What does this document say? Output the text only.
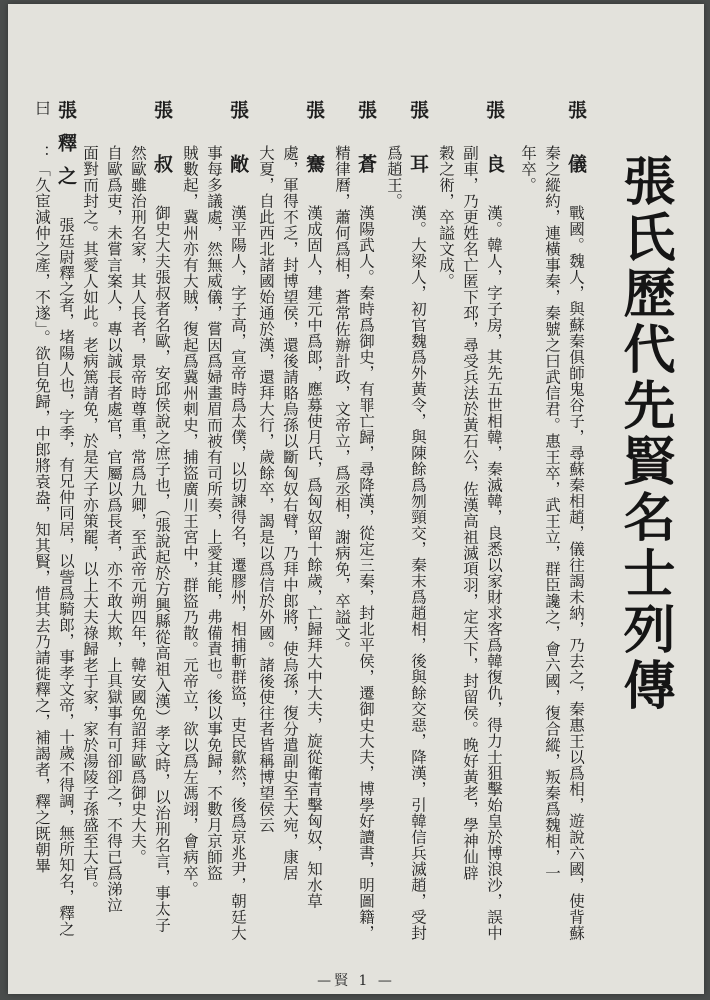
張氏歷代先賢名士列傳
張 儀戰國。魏人，與蘇秦俱師鬼谷子，尋蘇秦相趙，儀往謁未納，乃去之，秦惠王以爲相，遊說六國，使背蘇
秦之縱約，連橫事秦，秦號之曰武信君。惠王卒，武王立，群臣讒之，會六國，復合縱，叛秦爲魏相，一
年卒。
張 良漢。韓人，字子房，其先五世相韓，秦滅韓，良悉以家財求客爲韓復仇，得力士狙擊始皇於博浪沙，誤中
副車，乃更姓名亡匿下邳，尋受兵法於黃石公，佐漢高祖滅項羽，定天下，封留侯。晚好黃老，學神仙辟
穀之術，卒謚文成。
張 耳漢。大梁人，初官魏爲外黃令，與陳餘爲刎頸交，秦末爲趙相，後與餘交惡，降漢，引韓信兵滅趙，受封
爲趙王。
張 蒼漢陽武人。秦時爲御史，有罪亡歸，尋降漢，從定三秦，封北平侯，遷御史大夫，博學好讀書，明圖籍，
精律曆，蕭何爲相，蒼常佐辦計政，文帝立，爲丞相，謝病免，卒謚文。
張 騫漢成固人，建元中爲郎，應募使月氏，爲匈奴留十餘歲，亡歸拜大中大夫，旋從衛青擊匈奴，知水草
處，軍得不乏，封博望侯，還後請賂烏孫以斷匈奴右臂，乃拜中郎將，使烏孫，復分遣副史至大宛，康居
大夏，自此西北諸國始通於漢，還拜大行，歲餘卒，謁是以爲信於外國。諸後使往者皆稱博望侯云
張 敞漢平陽人，字子高，宣帝時爲太僕，以切諫得名，遷膠州，相捕斬群盜，吏民歙然，後爲京兆尹，朝廷大
事每多議處，然無威儀，嘗因爲婦畫眉而被有司所奏，上愛其能，弗備責也。後以事免歸，不數月京師盜
賊數起，冀州亦有大賊，復起爲冀州刺史，捕盜廣川王宮中，群盜乃散。元帝立，欲以爲左馮翊，會病卒。
張 叔御史大夫張叔者名歐，安邱侯說之庶子也，（張說起於方興縣從高祖入漢）孝文時，以治刑名言，事太子
然歐雖治刑名家，其人長者，景帝時尊重，常爲九卿，至武帝元朔四年，韓安國免詔拜歐爲御史大夫。
自歐爲吏，未嘗言案人，專以誠長者處官，官屬以爲長者，亦不敢大欺，上具獄事有可卻卻之，不得已爲涕泣
面對而封之。其愛人如此。老病篤請免，於是天子亦策罷，以上大夫祿歸老于家，家於湯陵子孫盛至大官。
張釋之張廷尉釋之者，堵陽人也，字季，有兄仲同居，以訾爲騎郎，事孝文帝，十歲不得調，無所知名，釋之曰
：「久宦減仲之產，不遂」。欲自免歸，中郎將袁盎，知其賢，惜其去乃請徙釋之，補謁者，釋之既朝畢
—賢 1 —
